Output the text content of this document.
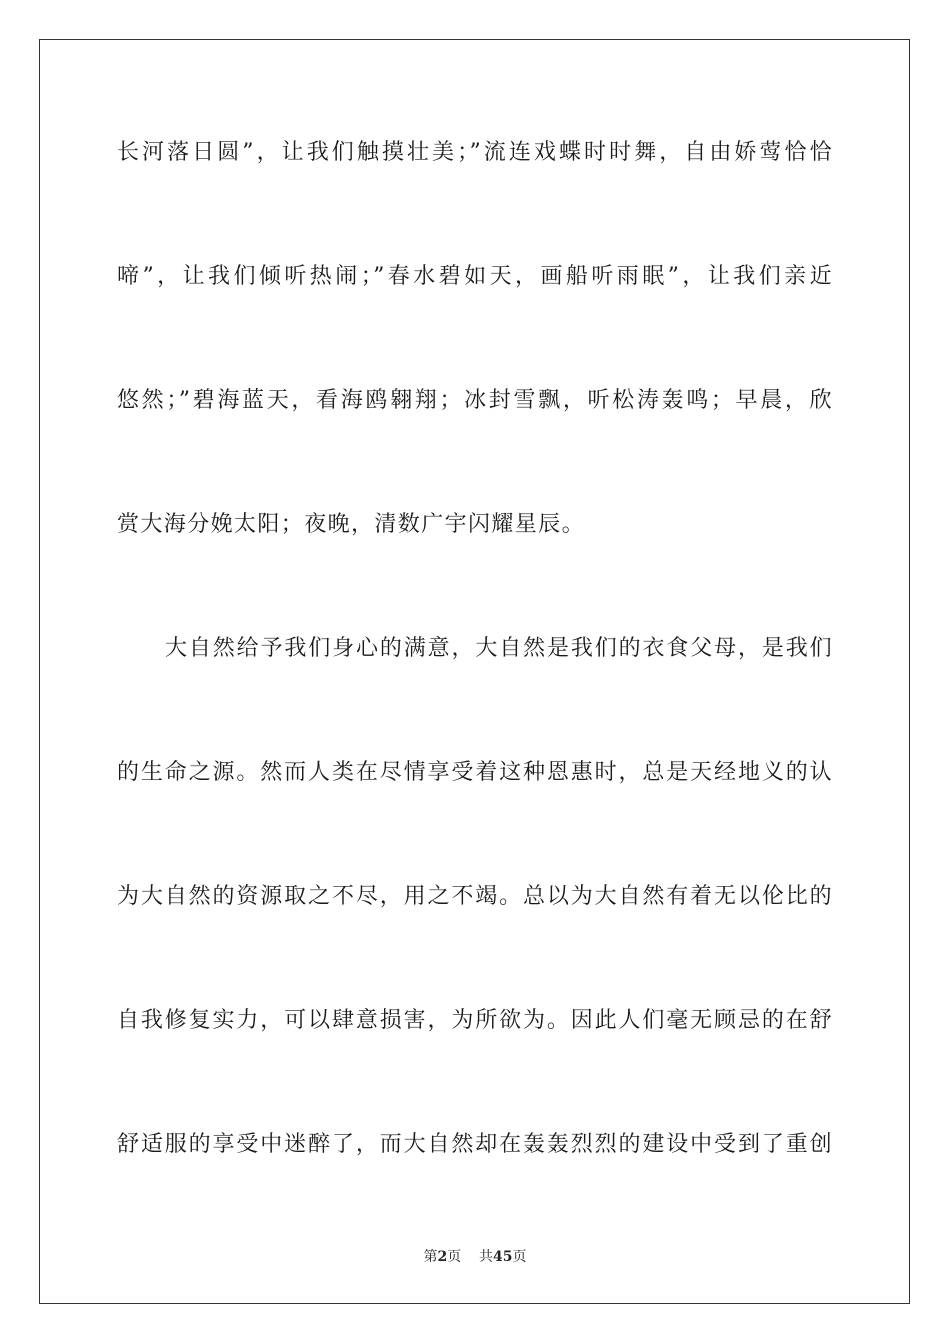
长河落日圆”，让我们触摸壮美；”流连戏蝶时时舞，自由娇莺恰恰
啼”，让我们倾听热闹；”春水碧如天，画船听雨眠”，让我们亲近
悠然；”碧海蓝天，看海鸥翱翔；冰封雪飘，听松涛轰鸣；早晨，欣
赏大海分娩太阳；夜晚，清数广宇闪耀星辰。
大自然给予我们身心的满意，大自然是我们的衣食父母，是我们
的生命之源。然而人类在尽情享受着这种恩惠时，总是天经地义的认
为大自然的资源取之不尽，用之不竭。总以为大自然有着无以伦比的
自我修复实力，可以肆意损害，为所欲为。因此人们毫无顾忌的在舒
舒适服的享受中迷醉了，而大自然却在轰轰烈烈的建设中受到了重创
第2页 共45页
